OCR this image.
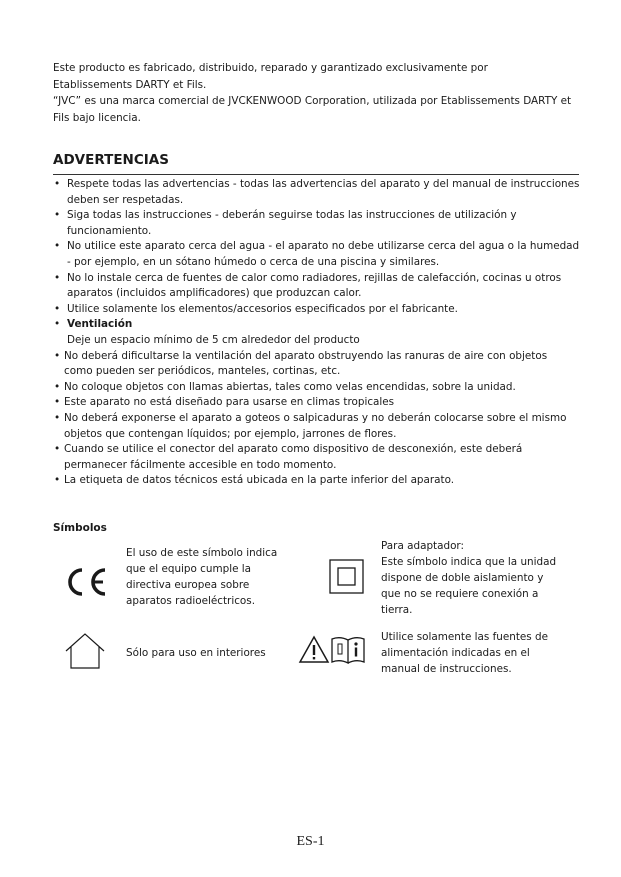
Este producto es fabricado, distribuido, reparado y garantizado exclusivamente por

Etablissements DARTY et Fils.

“JVC” es una marca comercial de JVCKENWOOD Corporation, utilizada por Etablissements DARTY et

Fils bajo licencia.

ADVERTENCIAS
• Respete todas las advertencias - todas las advertencias del aparato y del manual de instrucciones
deben ser respetadas.
• Siga todas las instrucciones - deberán seguirse todas las instrucciones de utilización y
funcionamiento.
• No utilice este aparato cerca del agua - el aparato no debe utilizarse cerca del agua o la humedad
- por ejemplo, en un sótano húmedo o cerca de una piscina y similares.
• No lo instale cerca de fuentes de calor como radiadores, rejillas de calefacción, cocinas u otros
aparatos (incluidos amplificadores) que produzcan calor.
• Utilice solamente los elementos/accesorios especificados por el fabricante.
• Ventilación
Deje un espacio mínimo de 5 cm alrededor del producto
• No deberá dificultarse la ventilación del aparato obstruyendo las ranuras de aire con objetos
como pueden ser periódicos, manteles, cortinas, etc.
• No coloque objetos con llamas abiertas, tales como velas encendidas, sobre la unidad.
• Este aparato no está diseñado para usarse en climas tropicales
• No deberá exponerse el aparato a goteos o salpicaduras y no deberán colocarse sobre el mismo
objetos que contengan líquidos; por ejemplo, jarrones de flores.
• Cuando se utilice el conector del aparato como dispositivo de desconexión, este deberá
permanecer fácilmente accesible en todo momento.
• La etiqueta de datos técnicos está ubicada en la parte inferior del aparato.
Símbolos
El uso de este símbolo indica
que el equipo cumple la
directiva europea sobre
aparatos radioeléctricos.
Para adaptador:
Este símbolo indica que la unidad
dispone de doble aislamiento y
que no se requiere conexión a
tierra.
Sólo para uso en interiores
Utilice solamente las fuentes de
alimentación indicadas en el
manual de instrucciones.
ES-1
